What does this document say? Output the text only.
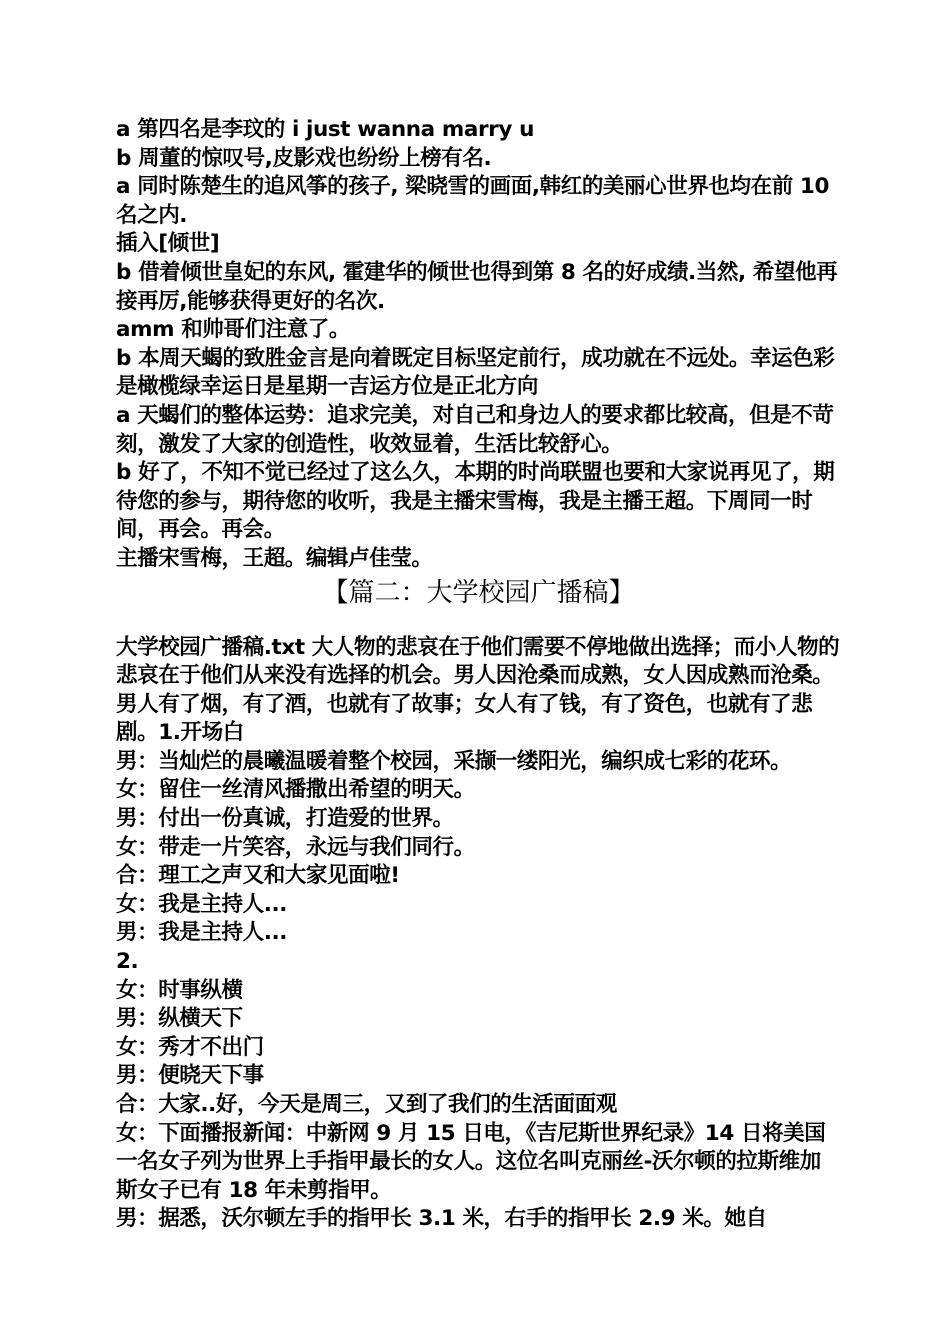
a 第四名是李玟的 i just wanna marry u

b 周董的惊叹号,皮影戏也纷纷上榜有名.

a 同时陈楚生的追风筝的孩子, 梁晓雪的画面,韩红的美丽心世界也均在前 10 名之内.

插入[倾世]

b 借着倾世皇妃的东风, 霍建华的倾世也得到第 8 名的好成绩.当然, 希望他再接再厉,能够获得更好的名次.

amm 和帅哥们注意了。

b 本周天蝎的致胜金言是向着既定目标坚定前行，成功就在不远处。幸运色彩是橄榄绿幸运日是星期一吉运方位是正北方向

a 天蝎们的整体运势：追求完美，对自己和身边人的要求都比较高，但是不苛刻，激发了大家的创造性，收效显着，生活比较舒心。

b 好了，不知不觉已经过了这么久，本期的时尚联盟也要和大家说再见了，期待您的参与，期待您的收听，我是主播宋雪梅，我是主播王超。下周同一时间，再会。再会。

主播宋雪梅，王超。编辑卢佳莹。

【篇二：大学校园广播稿】

大学校园广播稿.txt 大人物的悲哀在于他们需要不停地做出选择；而小人物的悲哀在于他们从来没有选择的机会。男人因沧桑而成熟，女人因成熟而沧桑。男人有了烟，有了酒，也就有了故事；女人有了钱，有了资色，也就有了悲剧。1.开场白

男：当灿烂的晨曦温暖着整个校园，采撷一缕阳光，编织成七彩的花环。

女：留住一丝清风播撒出希望的明天。

男：付出一份真诚，打造爱的世界。

女：带走一片笑容，永远与我们同行。

合：理工之声又和大家见面啦!

女：我是主持人...

男：我是主持人...

2.

女：时事纵横

男：纵横天下

女：秀才不出门

男：便晓天下事

合：大家..好，今天是周三，又到了我们的生活面面观

女：下面播报新闻：中新网 9 月 15 日电，《吉尼斯世界纪录》14 日将美国一名女子列为世界上手指甲最长的女人。这位名叫克丽丝-沃尔顿的拉斯维加斯女子已有 18 年未剪指甲。

男：据悉，沃尔顿左手的指甲长 3.1 米，右手的指甲长 2.9 米。她自
